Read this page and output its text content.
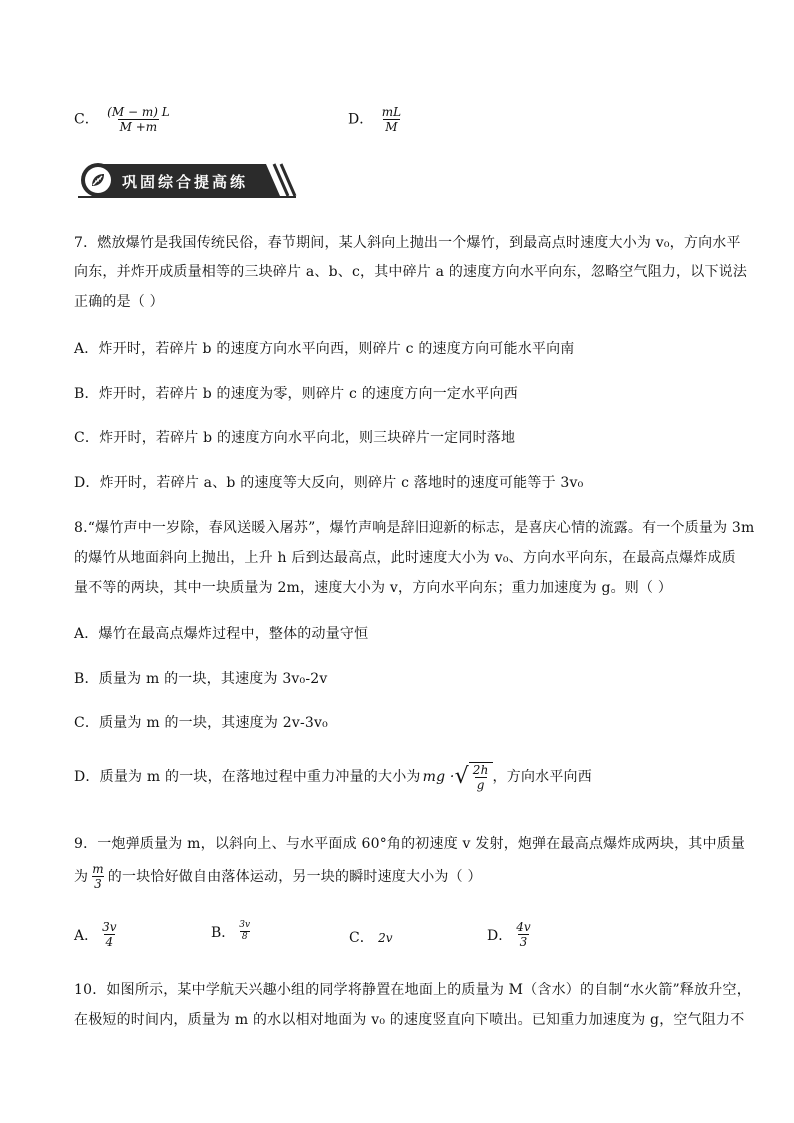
C． $\frac{(M - m) L}{M +m}$	D． $\frac{mL}{M}$
巩固综合提高练
7．燃放爆竹是我国传统民俗，春节期间，某人斜向上抛出一个爆竹，到最高点时速度大小为 v₀，方向水平
向东，并炸开成质量相等的三块碎片 a、b、c，其中碎片 a 的速度方向水平向东，忽略空气阻力，以下说法
正确的是（ ）
A．炸开时，若碎片 b 的速度方向水平向西，则碎片 c 的速度方向可能水平向南
B．炸开时，若碎片 b 的速度为零，则碎片 c 的速度方向一定水平向西
C．炸开时，若碎片 b 的速度方向水平向北，则三块碎片一定同时落地
D．炸开时，若碎片 a、b 的速度等大反向，则碎片 c 落地时的速度可能等于 3v₀
8.“爆竹声中一岁除，春风送暖入屠苏”，爆竹声响是辞旧迎新的标志，是喜庆心情的流露。有一个质量为 3m
的爆竹从地面斜向上抛出，上升 h 后到达最高点，此时速度大小为 v₀、方向水平向东，在最高点爆炸成质
量不等的两块，其中一块质量为 2m，速度大小为 v，方向水平向东；重力加速度为 g。则（ ）
A．爆竹在最高点爆炸过程中，整体的动量守恒
B．质量为 m 的一块，其速度为 3v₀-2v
C．质量为 m 的一块，其速度为 2v-3v₀
D．质量为 m 的一块，在落地过程中重力冲量的大小为 mg · √ $\frac{2h}{g}$ ，方向水平向西
9．一炮弹质量为 m，以斜向上、与水平面成 60°角的初速度 v 发射，炮弹在最高点爆炸成两块，其中质量
为 $\frac{m}{3}$ 的一块恰好做自由落体运动，另一块的瞬时速度大小为（ ）
A． $\frac{3v}{4}$	B． $\frac{3v}{8}$	C． 2v	D． $\frac{4v}{3}$
10．如图所示，某中学航天兴趣小组的同学将静置在地面上的质量为 M（含水）的自制“水火箭”释放升空，
在极短的时间内，质量为 m 的水以相对地面为 v₀ 的速度竖直向下喷出。已知重力加速度为 g，空气阻力不
